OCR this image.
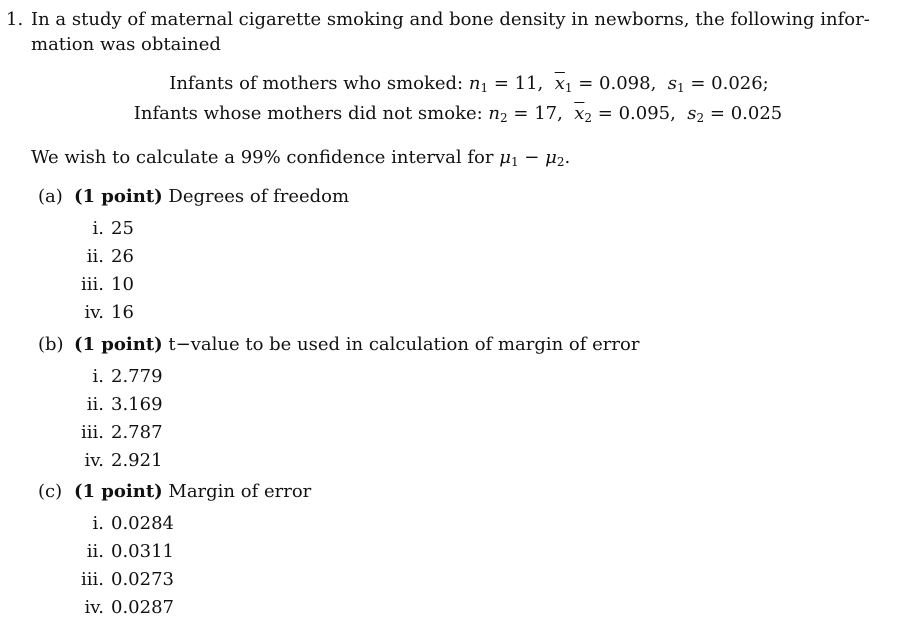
1. In a study of maternal cigarette smoking and bone density in newborns, the following infor-
mation was obtained
Infants of mothers who smoked: $n_1 = 11$,  $\overline{x}_1 = 0.098$,  $s_1 = 0.026$;
Infants whose mothers did not smoke: $n_2 = 17$,  $\overline{x}_2 = 0.095$,  $s_2 = 0.025$
We wish to calculate a 99% confidence interval for $\mu_1 - \mu_2$.
(a) (1 point) Degrees of freedom
i. 25
ii. 26
iii. 10
iv. 16
(b) (1 point) t−value to be used in calculation of margin of error
i. 2.779
ii. 3.169
iii. 2.787
iv. 2.921
(c) (1 point) Margin of error
i. 0.0284
ii. 0.0311
iii. 0.0273
iv. 0.0287
